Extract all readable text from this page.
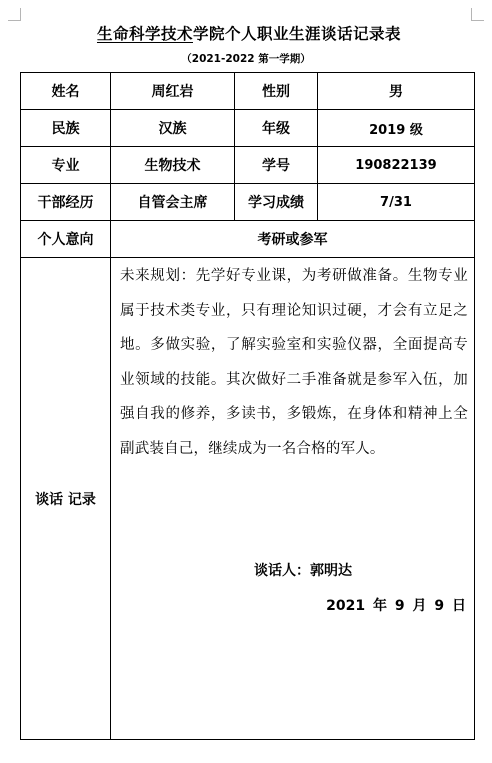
生命科学技术学院个人职业生涯谈话记录表
（2021-2022 第一学期）
姓名	周红岩	性别	男
民族	汉族	年级	2019 级
专业	生物技术	学号	190822139
干部经历	自管会主席	学习成绩	7/31
个人意向	考研或参军		
谈话 记录	未来规划：先学好专业课，为考研做准备。生物专业属于技术类专业，只有理论知识过硬，才会有立足之地。多做实验，了解实验室和实验仪器，全面提高专业领域的技能。其次做好二手准备就是参军入伍，加强自我的修养，多读书，多锻炼，在身体和精神上全副武装自己，继续成为一名合格的军人。
谈话人：郭明达
2021 年 9 月 9 日		
